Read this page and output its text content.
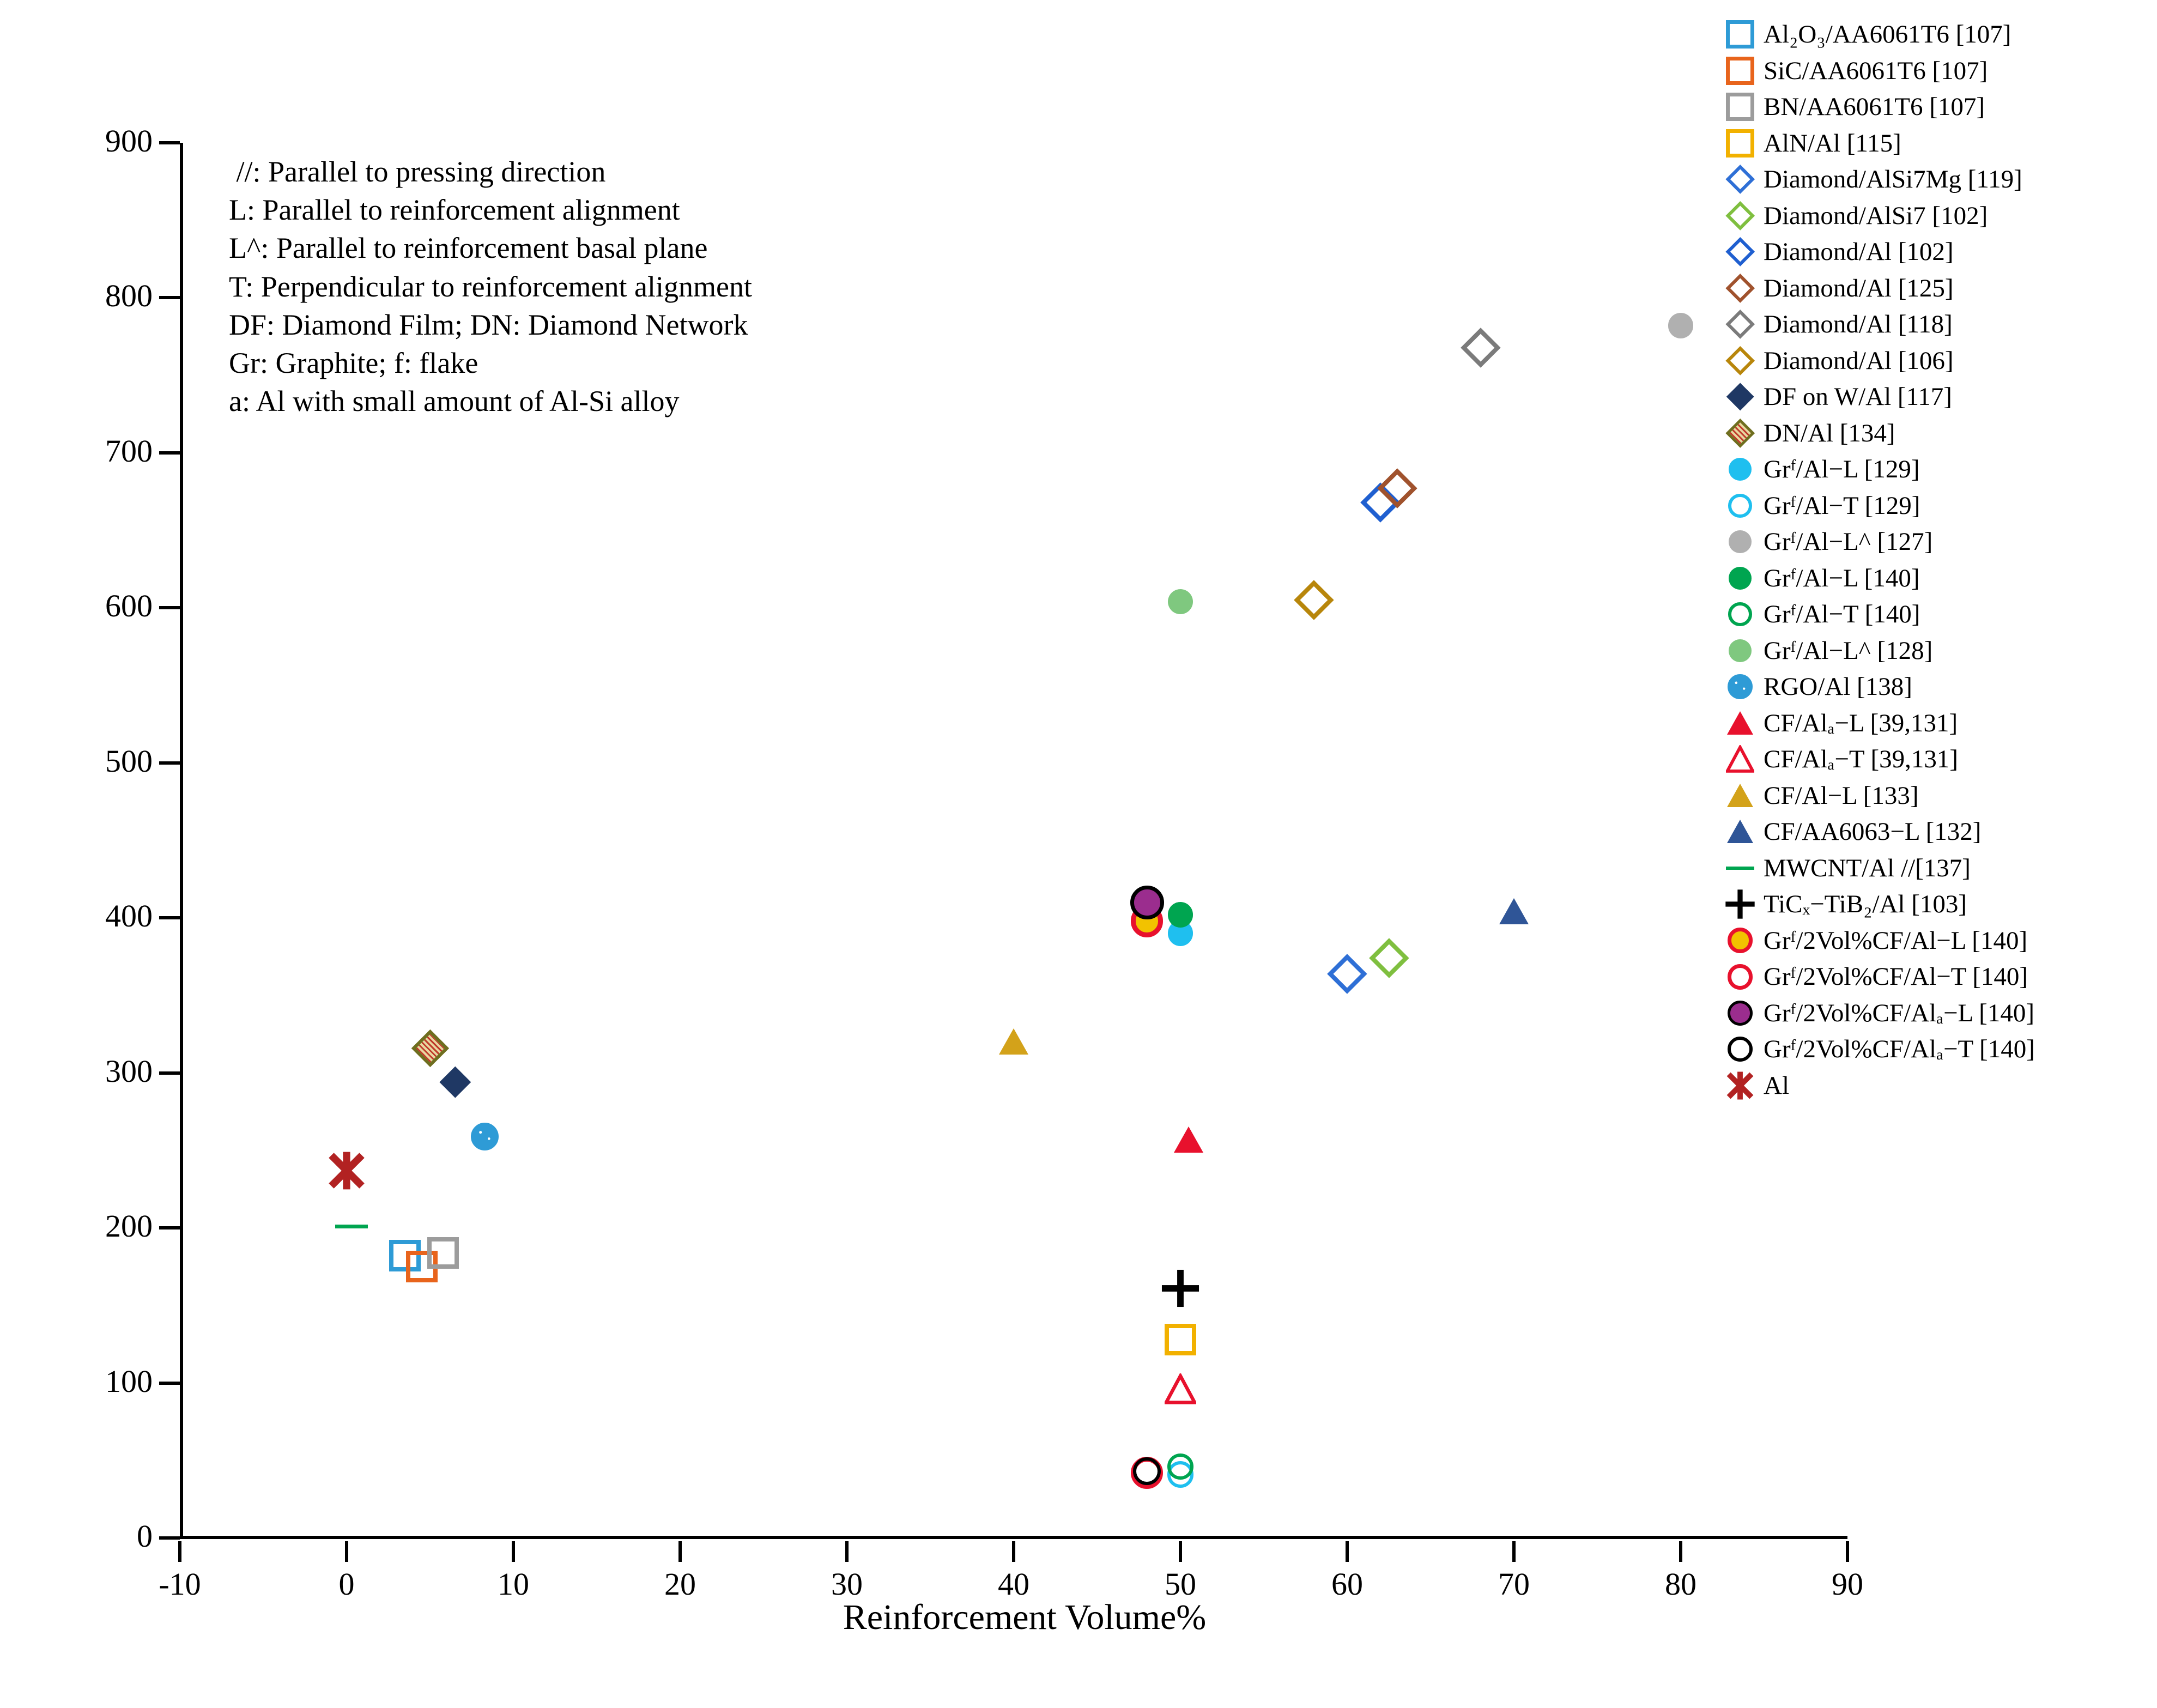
Reinforcement Volume%
//: Parallel to pressing direction
L: Parallel to reinforcement alignment
L^: Parallel to reinforcement basal plane
T: Perpendicular to reinforcement alignment
DF: Diamond Film; DN: Diamond Network
Gr: Graphite; f: flake
a: Al with small amount of Al-Si alloy
0
100
200
300
400
500
600
700
800
900
-10	0	10	20	30	40	50	60	70	80	90
Al₂O₃/AA6061T6 [107]
SiC/AA6061T6 [107]
BN/AA6061T6 [107]
AlN/Al [115]
Diamond/AlSi7Mg [119]
Diamond/AlSi7 [102]
Diamond/Al [102]
Diamond/Al [125]
Diamond/Al [118]
Diamond/Al [106]
DF on W/Al [117]
DN/Al [134]
Grᶠ/Al−L [129]
Grᶠ/Al−T [129]
Grᶠ/Al−L^ [127]
Grᶠ/Al−L [140]
Grᶠ/Al−T [140]
Grᶠ/Al−L^ [128]
RGO/Al [138]
CF/Alₐ−L [39,131]
CF/Alₐ−T [39,131]
CF/Al−L [133]
CF/AA6063−L [132]
MWCNT/Al //[137]
TiCₓ−TiB₂/Al [103]
Grᶠ/2Vol%CF/Al−L [140]
Grᶠ/2Vol%CF/Al−T [140]
Grᶠ/2Vol%CF/Alₐ−L [140]
Grᶠ/2Vol%CF/Alₐ−T [140]
Al
